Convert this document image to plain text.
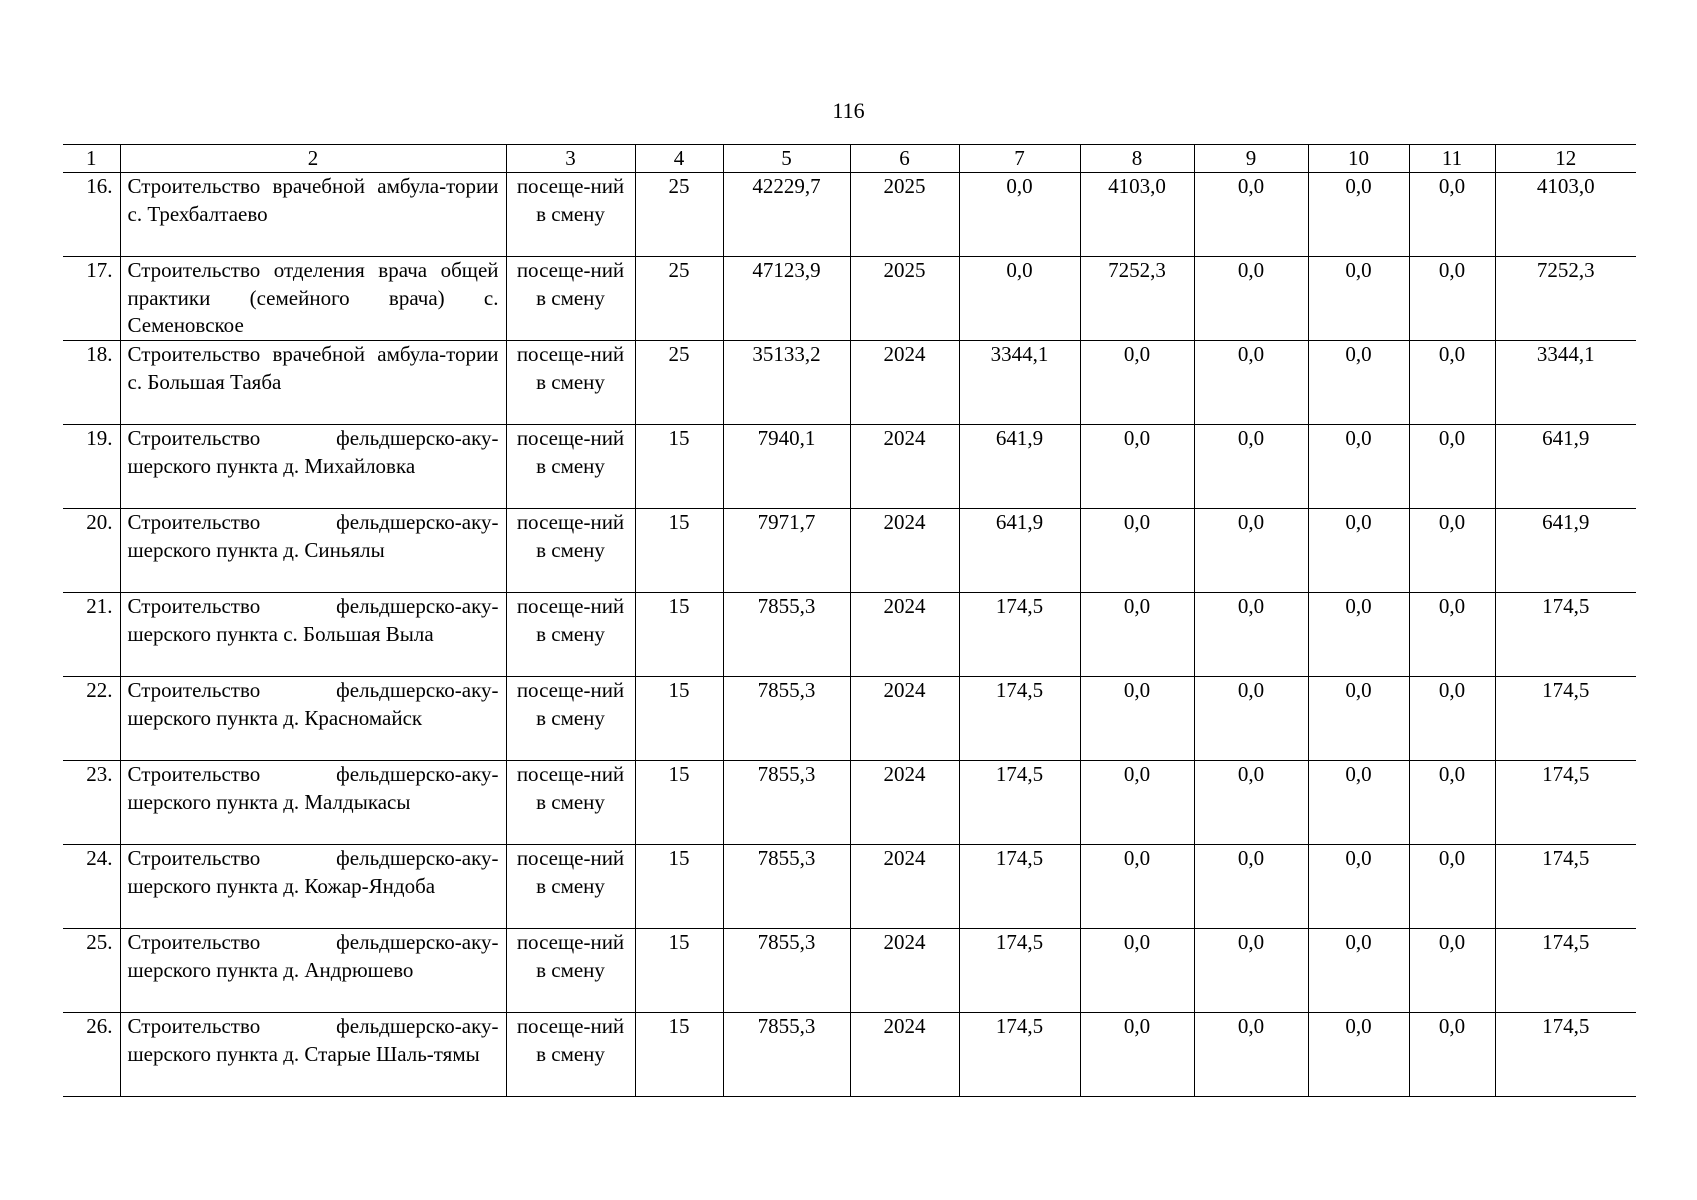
116
1	2	3	4	5	6	7	8	9	10	11	12
16.	Строительство врачебной амбула-тории с. Трехбалтаево	посеще-ний в смену	25	42229,7	2025	0,0	4103,0	0,0	0,0	0,0	4103,0
17.	Строительство отделения врача общей практики (семейного врача) с. Семеновское	посеще-ний в смену	25	47123,9	2025	0,0	7252,3	0,0	0,0	0,0	7252,3
18.	Строительство врачебной амбула-тории с. Большая Таяба	посеще-ний в смену	25	35133,2	2024	3344,1	0,0	0,0	0,0	0,0	3344,1
19.	Строительство фельдшерско-аку-шерского пункта д. Михайловка	посеще-ний в смену	15	7940,1	2024	641,9	0,0	0,0	0,0	0,0	641,9
20.	Строительство фельдшерско-аку-шерского пункта д. Синьялы	посеще-ний в смену	15	7971,7	2024	641,9	0,0	0,0	0,0	0,0	641,9
21.	Строительство фельдшерско-аку-шерского пункта с. Большая Выла	посеще-ний в смену	15	7855,3	2024	174,5	0,0	0,0	0,0	0,0	174,5
22.	Строительство фельдшерско-аку-шерского пункта д. Красномайск	посеще-ний в смену	15	7855,3	2024	174,5	0,0	0,0	0,0	0,0	174,5
23.	Строительство фельдшерско-аку-шерского пункта д. Малдыкасы	посеще-ний в смену	15	7855,3	2024	174,5	0,0	0,0	0,0	0,0	174,5
24.	Строительство фельдшерско-аку-шерского пункта д. Кожар-Яндоба	посеще-ний в смену	15	7855,3	2024	174,5	0,0	0,0	0,0	0,0	174,5
25.	Строительство фельдшерско-аку-шерского пункта д. Андрюшево	посеще-ний в смену	15	7855,3	2024	174,5	0,0	0,0	0,0	0,0	174,5
26.	Строительство фельдшерско-аку-шерского пункта д. Старые Шаль-тямы	посеще-ний в смену	15	7855,3	2024	174,5	0,0	0,0	0,0	0,0	174,5
